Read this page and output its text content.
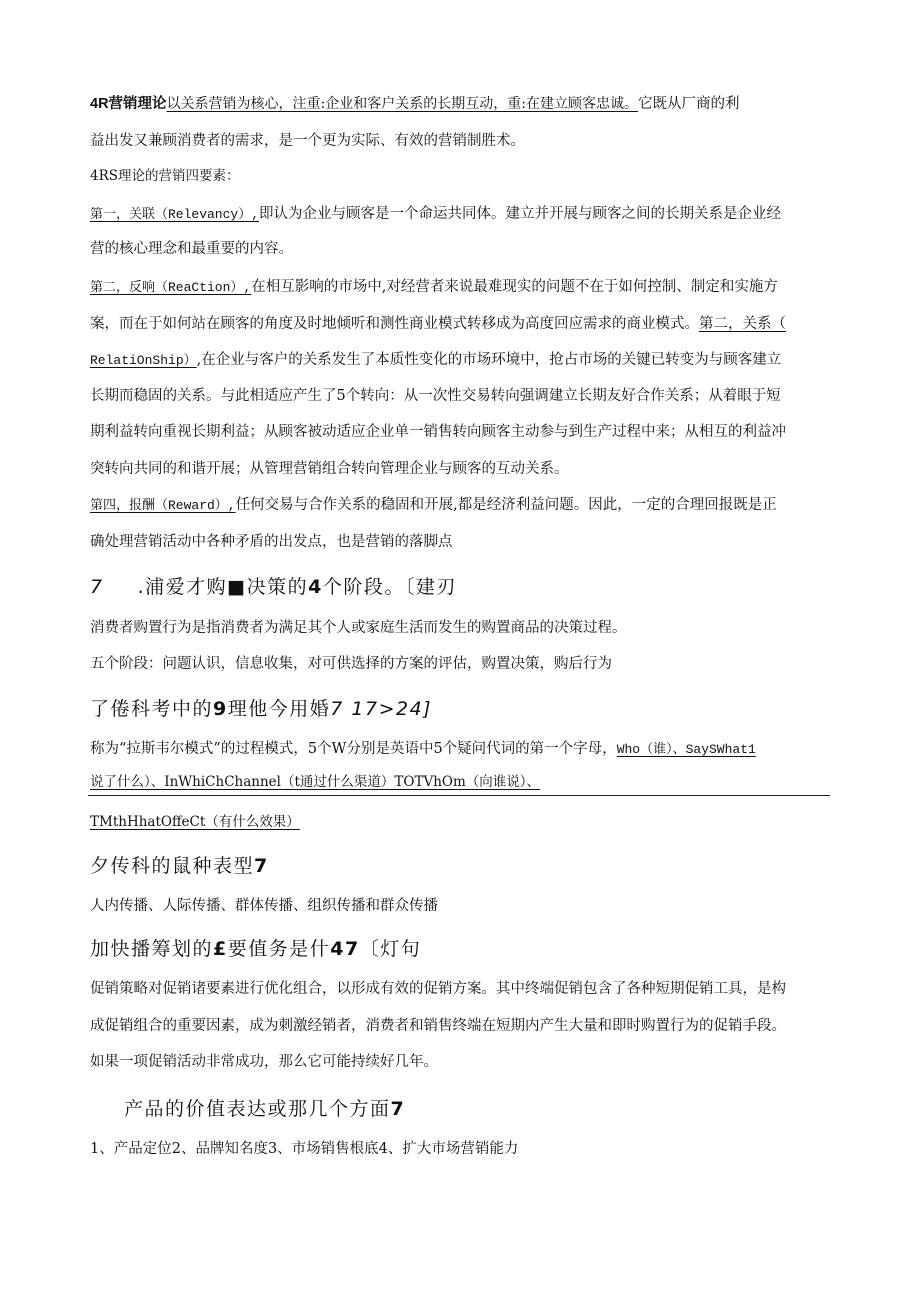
4R营销理论以关系营销为核心，注重:企业和客户关系的长期互动，重:在建立顾客忠诚。它既从厂商的利
益出发又兼顾消费者的需求，是一个更为实际、有效的营销制胜术。
4RS理论的营销四要素：
第一，关联（Relevancy）,即认为企业与顾客是一个命运共同体。建立并开展与顾客之间的长期关系是企业经
营的核心理念和最重要的内容。
第二，反响（ReaCtion）,在相互影响的市场中,对经营者来说最难现实的问题不在于如何控制、制定和实施方
案，而在于如何站在顾客的角度及时地倾听和测性商业模式转移成为高度回应需求的商业模式。第二，关系（
RelatiOnShip）,在企业与客户的关系发生了本质性变化的市场环境中，抢占市场的关键已转变为与顾客建立
长期而稳固的关系。与此相适应产生了5个转向：从一次性交易转向强调建立长期友好合作关系；从着眼于短
期利益转向重视长期利益；从顾客被动适应企业单一销售转向顾客主动参与到生产过程中来；从相互的利益冲
突转向共同的和谐开展；从管理营销组合转向管理企业与顾客的互动关系。
第四，报酬（Reward）,任何交易与合作关系的稳固和开展,都是经济利益问题。因此，一定的合理回报既是正
确处理营销活动中各种矛盾的出发点，也是营销的落脚点
7 .浦爱才购■决策的4个阶段。〔建刃
消费者购置行为是指消费者为满足其个人或家庭生活而发生的购置商品的决策过程。
五个阶段：问题认识，信息收集，对可供选择的方案的评估，购置决策，购后行为
了倦科考中的9理他今用婚7 17>24]
称为“拉斯韦尔模式”的过程模式，5个W分别是英语中5个疑问代词的第一个字母，Who（谁）、SaySWhat1
说了什么）、InWhiChChannel（t通过什么渠道）TOTVhOm（向谁说）、
TMthHhatOffeCt（有什么效果）
夕传科的鼠种表型7
人内传播、人际传播、群体传播、组织传播和群众传播
加快播筹划的£要值务是什47〔灯句
促销策略对促销诸要素进行优化组合，以形成有效的促销方案。其中终端促销包含了各种短期促销工具，是构
成促销组合的重要因素，成为刺激经销者，消费者和销售终端在短期内产生大量和即时购置行为的促销手段。
如果一项促销活动非常成功，那么它可能持续好几年。
产品的价值表达或那几个方面7
1、产品定位2、品牌知名度3、市场销售根底4、扩大市场营销能力
